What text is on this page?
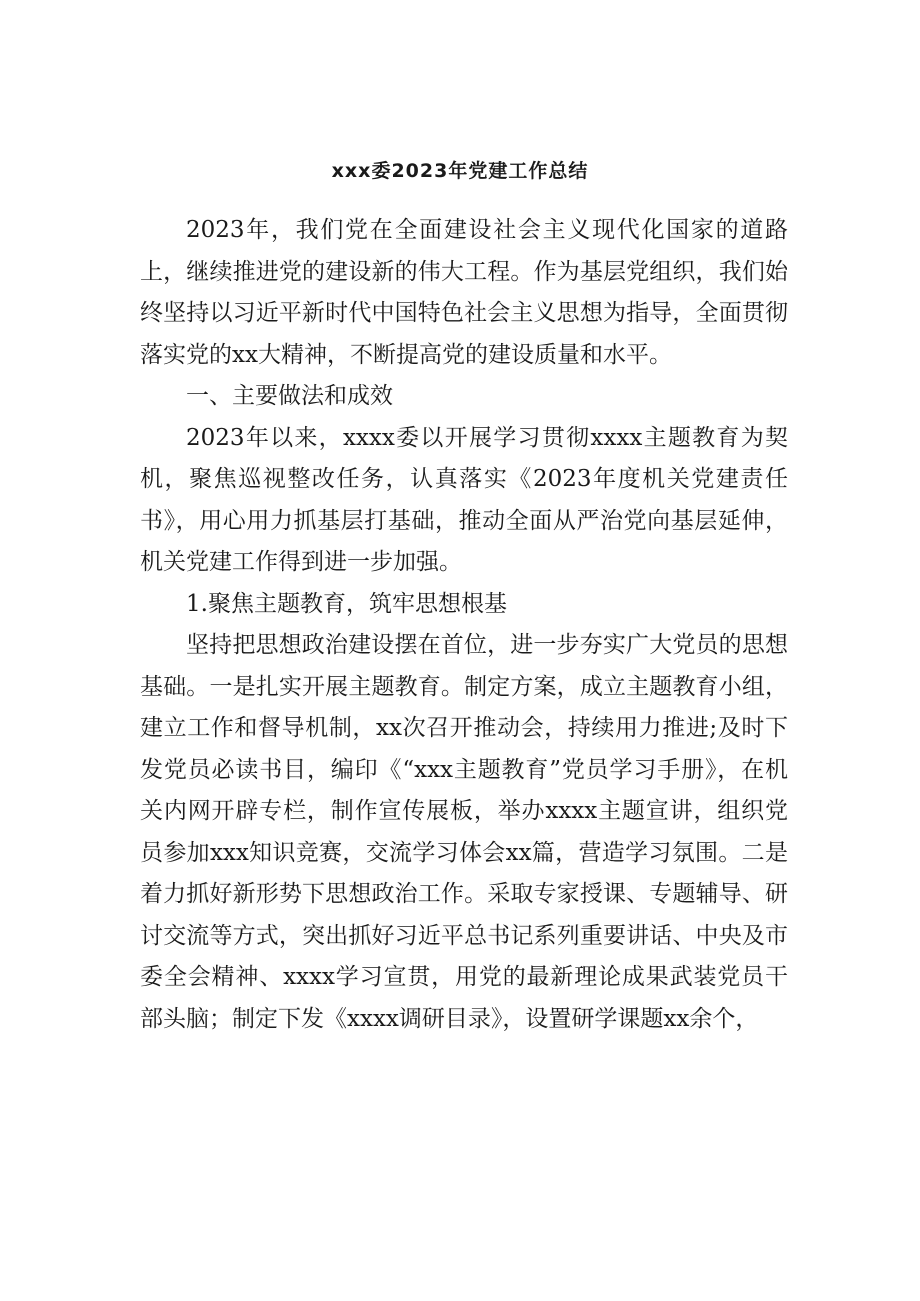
xxx委2023年党建工作总结

2023年，我们党在全面建设社会主义现代化国家的道路上，继续推进党的建设新的伟大工程。作为基层党组织，我们始终坚持以习近平新时代中国特色社会主义思想为指导，全面贯彻落实党的xx大精神，不断提高党的建设质量和水平。

一、主要做法和成效

2023年以来，xxxx委以开展学习贯彻xxxx主题教育为契机，聚焦巡视整改任务，认真落实《2023年度机关党建责任书》，用心用力抓基层打基础，推动全面从严治党向基层延伸，机关党建工作得到进一步加强。

1.聚焦主题教育，筑牢思想根基

坚持把思想政治建设摆在首位，进一步夯实广大党员的思想基础。一是扎实开展主题教育。制定方案，成立主题教育小组，建立工作和督导机制，xx次召开推动会，持续用力推进;及时下发党员必读书目，编印《“xxx主题教育”党员学习手册》，在机关内网开辟专栏，制作宣传展板，举办xxxx主题宣讲，组织党员参加xxx知识竞赛，交流学习体会xx篇，营造学习氛围。二是着力抓好新形势下思想政治工作。采取专家授课、专题辅导、研讨交流等方式，突出抓好习近平总书记系列重要讲话、中央及市委全会精神、xxxx学习宣贯，用党的最新理论成果武装党员干部头脑；制定下发《xxxx调研目录》，设置研学课题xx余个，
